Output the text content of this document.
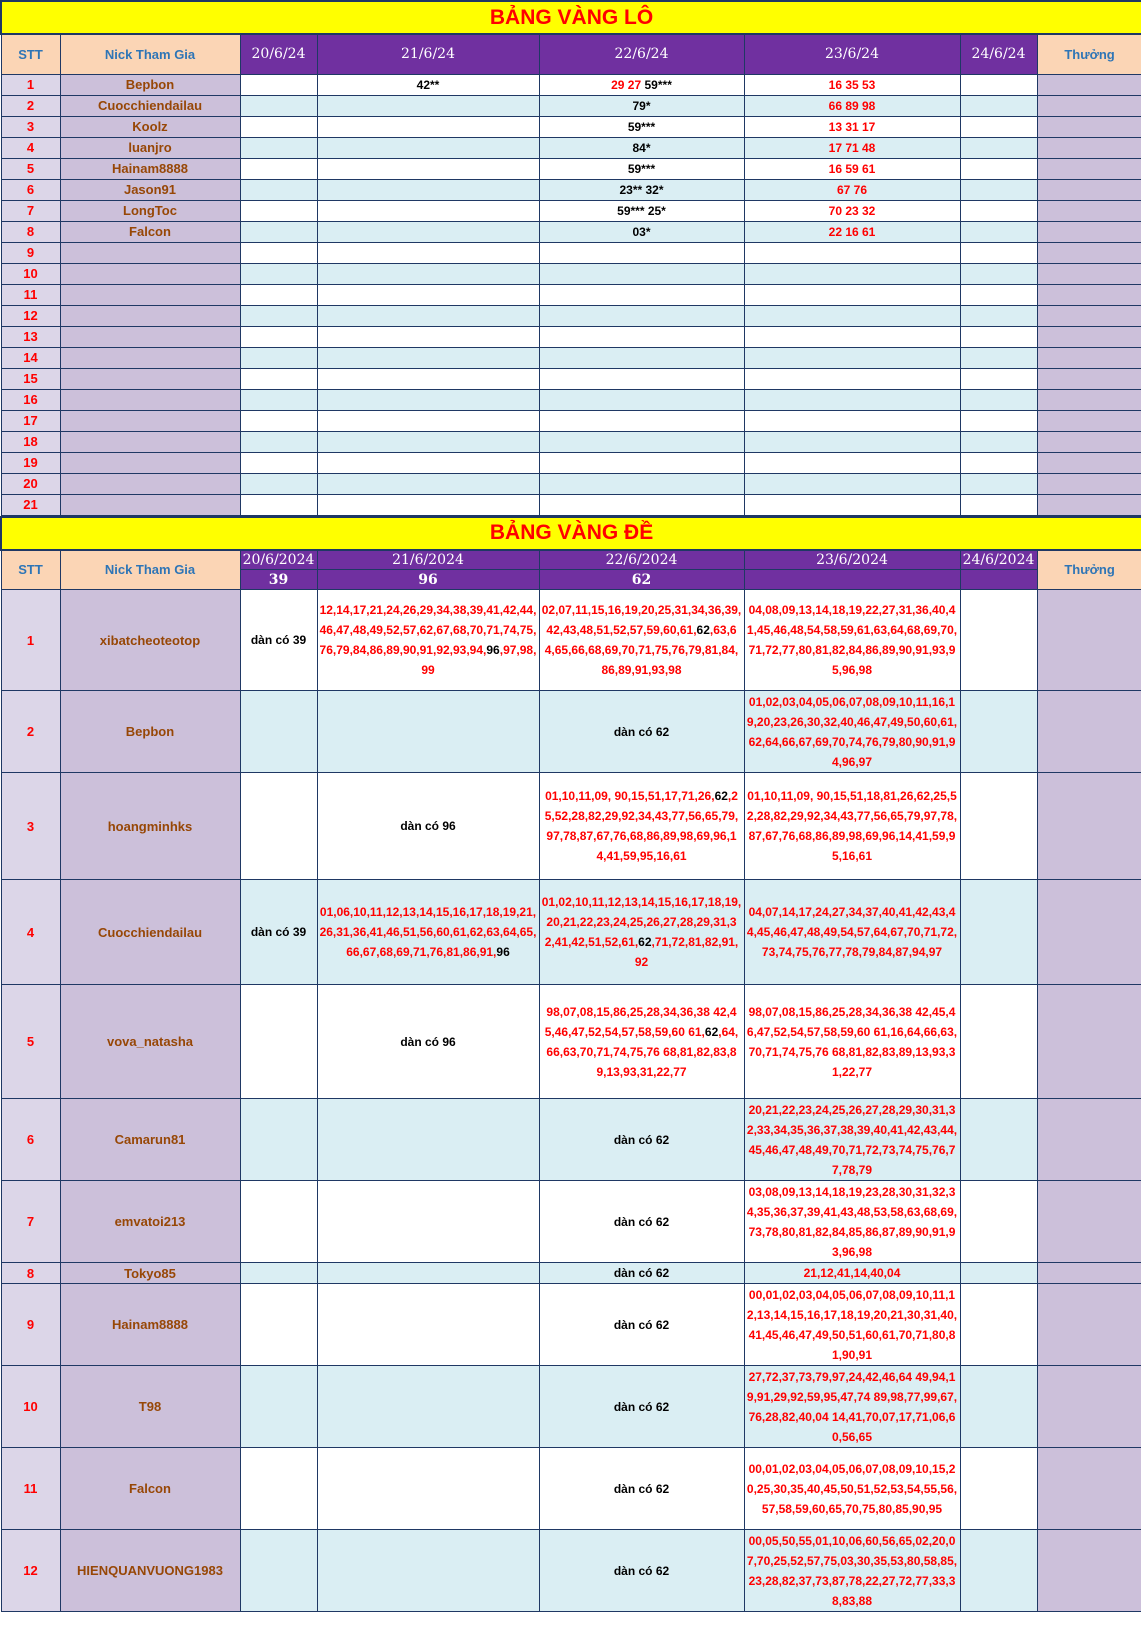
BẢNG VÀNG LÔ							
STT	Nick Tham Gia	20/6/24	21/6/24	22/6/24	23/6/24	24/6/24	Thưởng
1	Bepbon		42**	29 27 59***	16 35 53		

2	Cuocchiendailau			79*	66 89 98		

3	Koolz			59***	13 31 17		

4	luanjro			84*	17 71 48		

5	Hainam8888			59***	16 59 61		

6	Jason91			23** 32*	67 76		

7	LongToc			59*** 25*	70 23 32		

8	Falcon			03*	22 16 61		

9							
10							
11							
12							
13							
14							
15							
16							
17							
18							
19							
20							
21							
BẢNG VÀNG ĐỀ							
STT	Nick Tham Gia	20/6/2024	21/6/2024	22/6/2024	23/6/2024	24/6/2024	Thưởng
		39	96	62			
1	xibatcheoteotop	dàn có 39	12,14,17,21,24,26,29,34,38,39,41,42,44,46,47,48,49,52,57,62,67,68,70,71,74,75,76,79,84,86,89,90,91,92,93,94,96,97,98,99	02,07,11,15,16,19,20,25,31,34,36,39,42,43,48,51,52,57,59,60,61,62,63,64,65,66,68,69,70,71,75,76,79,81,84,86,89,91,93,98	04,08,09,13,14,18,19,22,27,31,36,40,41,45,46,48,54,58,59,61,63,64,68,69,70,71,72,77,80,81,82,84,86,89,90,91,93,95,96,98		

2	Bepbon			dàn có 62	01,02,03,04,05,06,07,08,09,10,11,16,19,20,23,26,30,32,40,46,47,49,50,60,61,62,64,66,67,69,70,74,76,79,80,90,91,94,96,97		

3	hoangminhks		dàn có 96	01,10,11,09, 90,15,51,17,71,26,62,25,52,28,82,29,92,34,43,77,56,65,79,97,78,87,67,76,68,86,89,98,69,96,14,41,59,95,16,61	01,10,11,09, 90,15,51,18,81,26,62,25,52,28,82,29,92,34,43,77,56,65,79,97,78,87,67,76,68,86,89,98,69,96,14,41,59,95,16,61		

4	Cuocchiendailau	dàn có 39	01,06,10,11,12,13,14,15,16,17,18,19,21,26,31,36,41,46,51,56,60,61,62,63,64,65,66,67,68,69,71,76,81,86,91,96	01,02,10,11,12,13,14,15,16,17,18,19,20,21,22,23,24,25,26,27,28,29,31,32,41,42,51,52,61,62,71,72,81,82,91,92	04,07,14,17,24,27,34,37,40,41,42,43,44,45,46,47,48,49,54,57,64,67,70,71,72,73,74,75,76,77,78,79,84,87,94,97		

5	vova_natasha		dàn có 96	98,07,08,15,86,25,28,34,36,38 42,45,46,47,52,54,57,58,59,60 61,62,64,66,63,70,71,74,75,76 68,81,82,83,89,13,93,31,22,77	98,07,08,15,86,25,28,34,36,38 42,45,46,47,52,54,57,58,59,60 61,16,64,66,63,70,71,74,75,76 68,81,82,83,89,13,93,31,22,77		

6	Camarun81			dàn có 62	20,21,22,23,24,25,26,27,28,29,30,31,32,33,34,35,36,37,38,39,40,41,42,43,44,45,46,47,48,49,70,71,72,73,74,75,76,77,78,79		

7	emvatoi213			dàn có 62	03,08,09,13,14,18,19,23,28,30,31,32,34,35,36,37,39,41,43,48,53,58,63,68,69,73,78,80,81,82,84,85,86,87,89,90,91,93,96,98		

8	Tokyo85			dàn có 62	21,12,41,14,40,04		

9	Hainam8888			dàn có 62	00,01,02,03,04,05,06,07,08,09,10,11,12,13,14,15,16,17,18,19,20,21,30,31,40,41,45,46,47,49,50,51,60,61,70,71,80,81,90,91		

10	T98			dàn có 62	27,72,37,73,79,97,24,42,46,64 49,94,19,91,29,92,59,95,47,74 89,98,77,99,67,76,28,82,40,04 14,41,70,07,17,71,06,60,56,65		

11	Falcon			dàn có 62	00,01,02,03,04,05,06,07,08,09,10,15,20,25,30,35,40,45,50,51,52,53,54,55,56,57,58,59,60,65,70,75,80,85,90,95		

12	HIENQUANVUONG1983			dàn có 62	00,05,50,55,01,10,06,60,56,65,02,20,07,70,25,52,57,75,03,30,35,53,80,58,85,23,28,82,37,73,87,78,22,27,72,77,33,38,83,88		
